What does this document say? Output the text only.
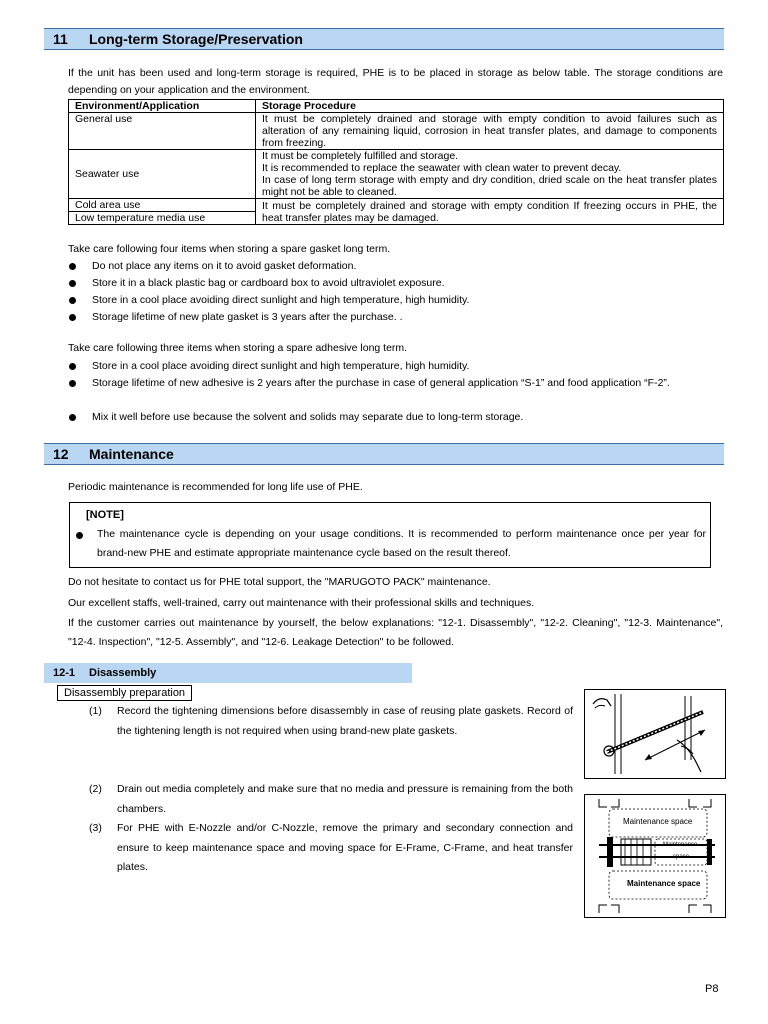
11 Long-term Storage/Preservation
If the unit has been used and long-term storage is required, PHE is to be placed in storage as below table. The storage conditions are depending on your application and the environment.
Environment/Application	Storage Procedure
General use	It must be completely drained and storage with empty condition to avoid failures such as alteration of any remaining liquid, corrosion in heat transfer plates, and damage to components from freezing.
Seawater use	It must be completely fulfilled and storage.
It is recommended to replace the seawater with clean water to prevent decay.
In case of long term storage with empty and dry condition, dried scale on the heat transfer plates might not be able to cleaned.

Cold area use
Low temperature media use	It must be completely drained and storage with empty condition If freezing occurs in PHE, the heat transfer plates may be damaged.
Take care following four items when storing a spare gasket long term.
Do not place any items on it to avoid gasket deformation.
Store it in a black plastic bag or cardboard box to avoid ultraviolet exposure.
Store in a cool place avoiding direct sunlight and high temperature, high humidity.
Storage lifetime of new plate gasket is 3 years after the purchase. .
Take care following three items when storing a spare adhesive long term.
Store in a cool place avoiding direct sunlight and high temperature, high humidity.
Storage lifetime of new adhesive is 2 years after the purchase in case of general application “S-1” and food application “F-2”.
Mix it well before use because the solvent and solids may separate due to long-term storage.
12 Maintenance
Periodic maintenance is recommended for long life use of PHE.
[NOTE]
The maintenance cycle is depending on your usage conditions. It is recommended to perform maintenance once per year for brand-new PHE and estimate appropriate maintenance cycle based on the result thereof.
Do not hesitate to contact us for PHE total support, the "MARUGOTO PACK" maintenance.
Our excellent staffs, well-trained, carry out maintenance with their professional skills and techniques.
If the customer carries out maintenance by yourself, the below explanations: "12-1. Disassembly", "12-2. Cleaning", "12-3. Maintenance", "12-4. Inspection", "12-5. Assembly", and "12-6. Leakage Detection" to be followed.
12-1 Disassembly
Disassembly preparation
(1) Record the tightening dimensions before disassembly in case of reusing plate gaskets. Record of the tightening length is not required when using brand-new plate gaskets.
(2) Drain out media completely and make sure that no media and pressure is remaining from the both chambers.
(3) For PHE with E-Nozzle and/or C-Nozzle, remove the primary and secondary connection and ensure to keep maintenance space and moving space for E-Frame, C-Frame, and heat transfer plates.
Maintenance space
Maintenance
space
Maintenance space
P8
